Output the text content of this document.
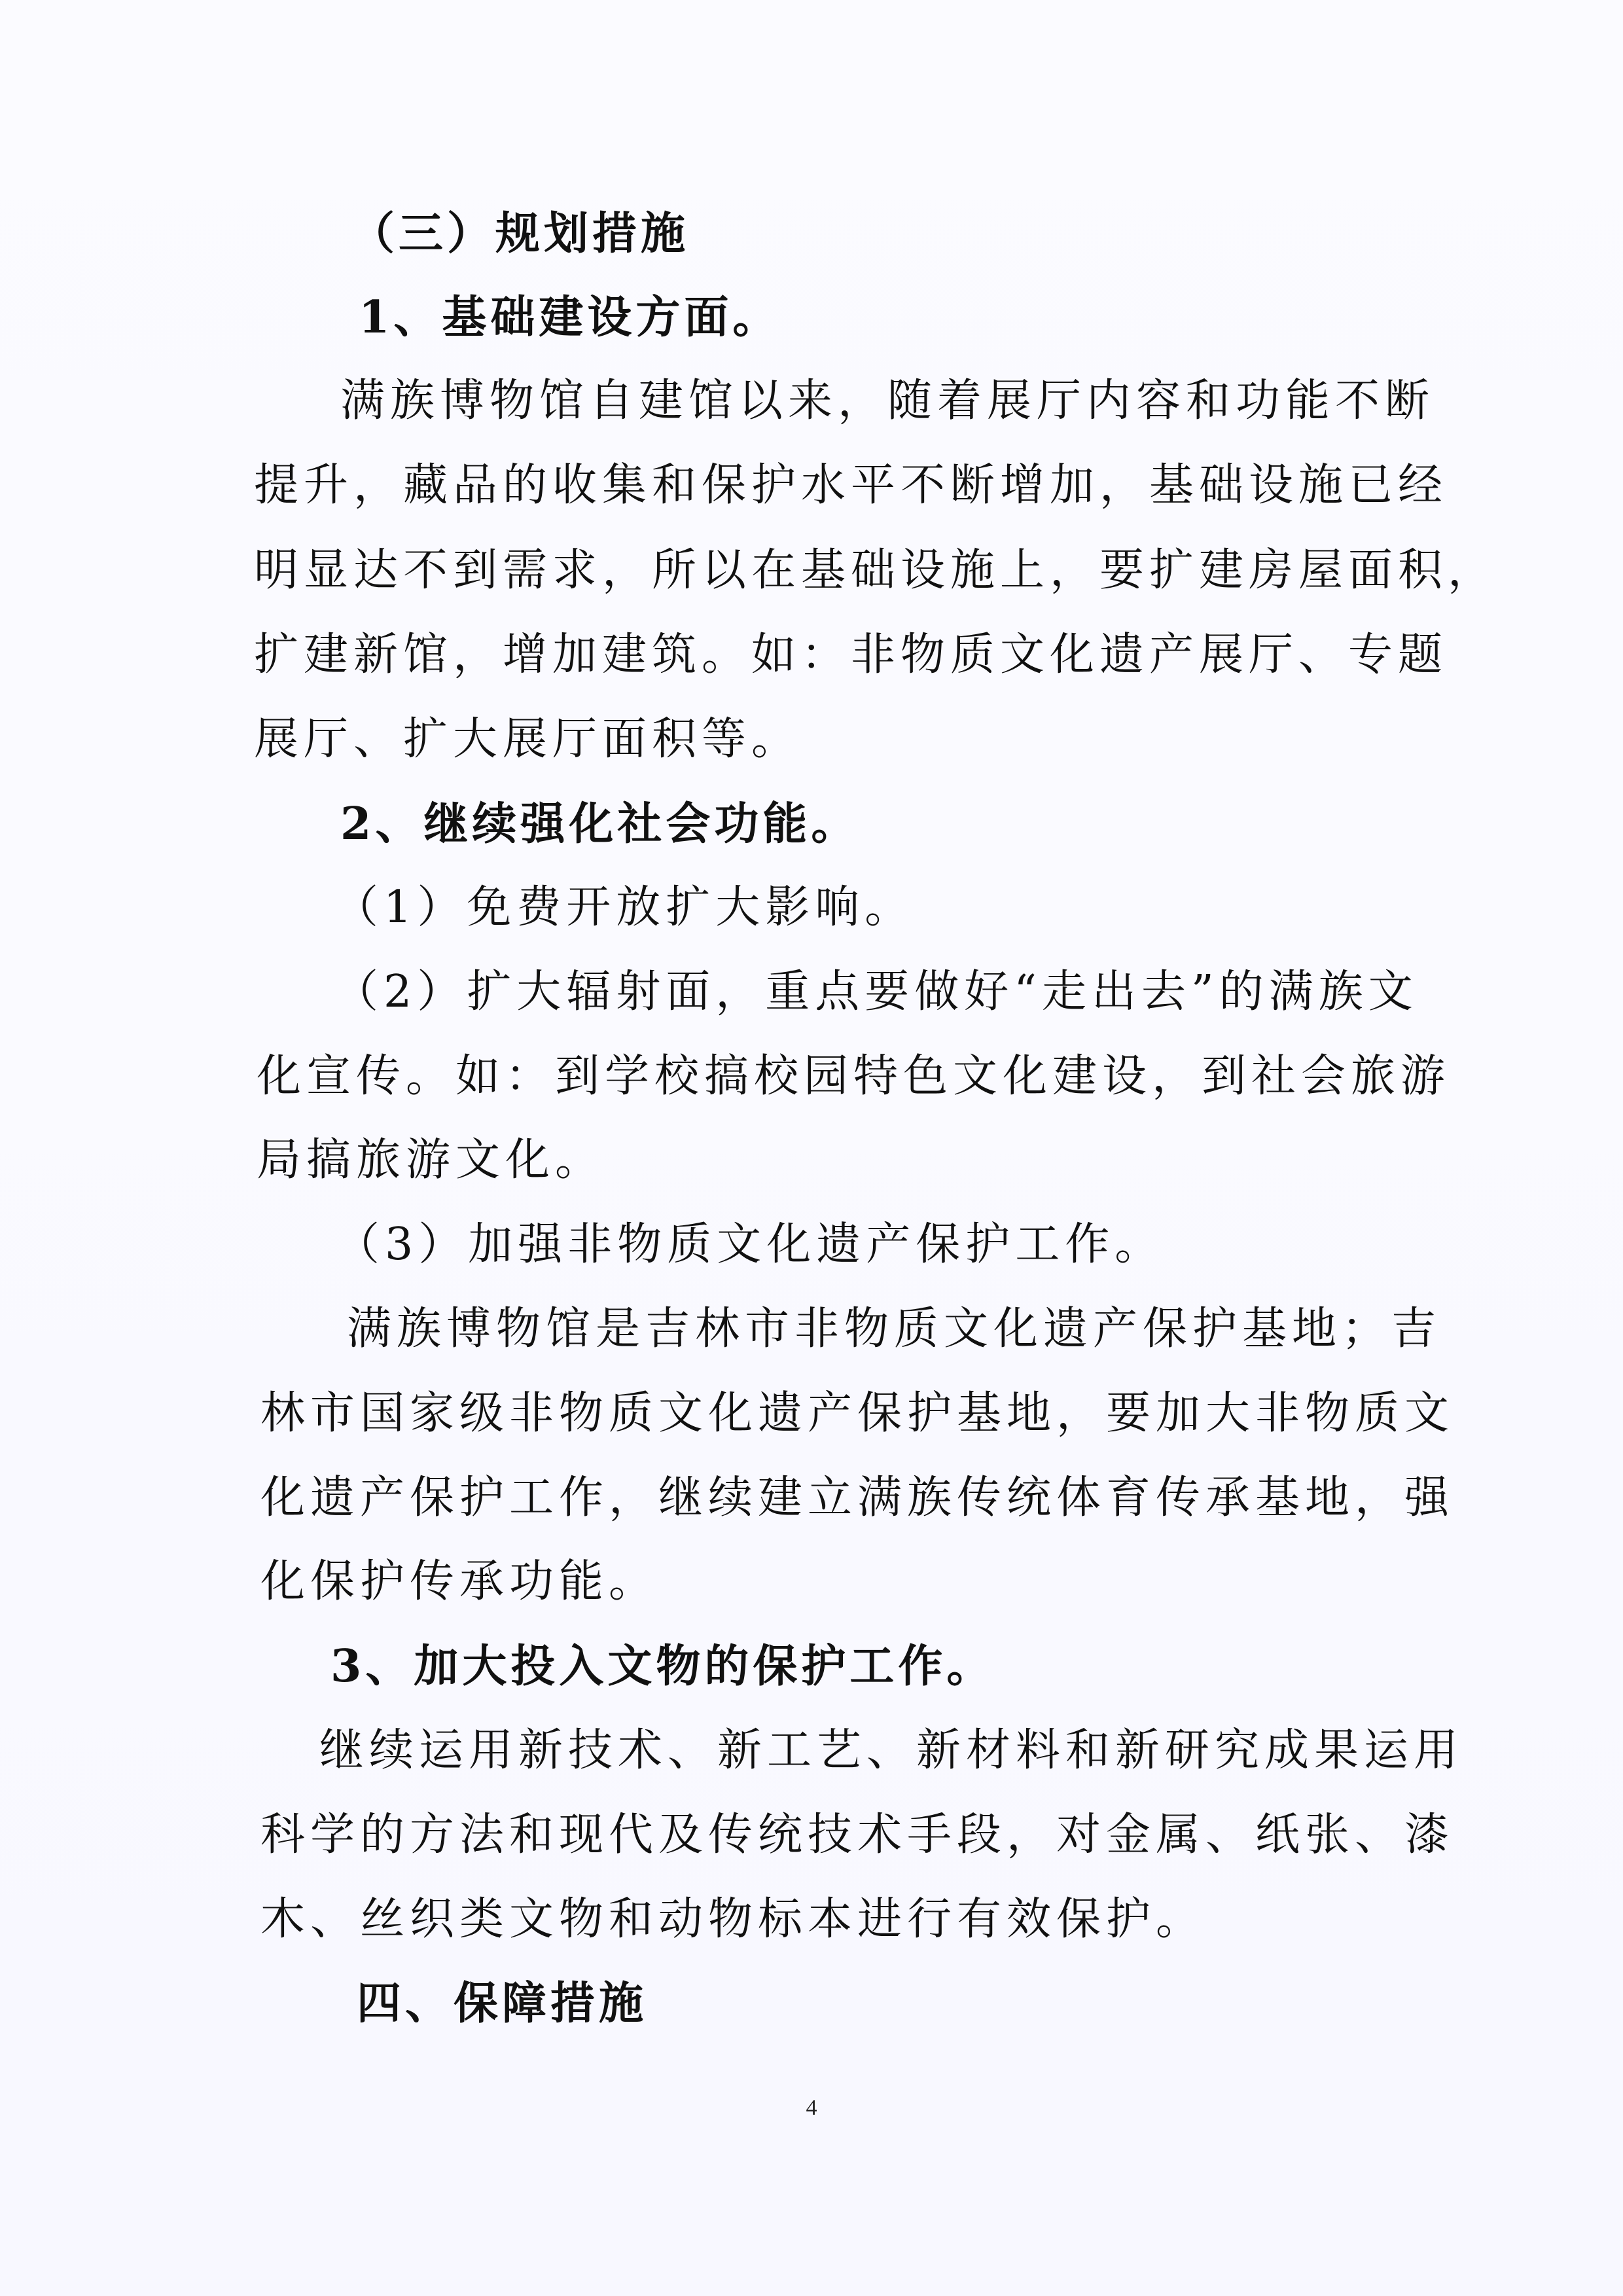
（三）规划措施
1、基础建设方面。
满族博物馆自建馆以来，随着展厅内容和功能不断
提升，藏品的收集和保护水平不断增加，基础设施已经
明显达不到需求，所以在基础设施上，要扩建房屋面积，
扩建新馆，增加建筑。如：非物质文化遗产展厅、专题
展厅、扩大展厅面积等。
2、继续强化社会功能。
（1）免费开放扩大影响。
（2）扩大辐射面，重点要做好“走出去”的满族文
化宣传。如：到学校搞校园特色文化建设，到社会旅游
局搞旅游文化。
（3）加强非物质文化遗产保护工作。
满族博物馆是吉林市非物质文化遗产保护基地；吉
林市国家级非物质文化遗产保护基地，要加大非物质文
化遗产保护工作，继续建立满族传统体育传承基地，强
化保护传承功能。
3、加大投入文物的保护工作。
继续运用新技术、新工艺、新材料和新研究成果运用
科学的方法和现代及传统技术手段，对金属、纸张、漆
木、丝织类文物和动物标本进行有效保护。
四、保障措施
4
